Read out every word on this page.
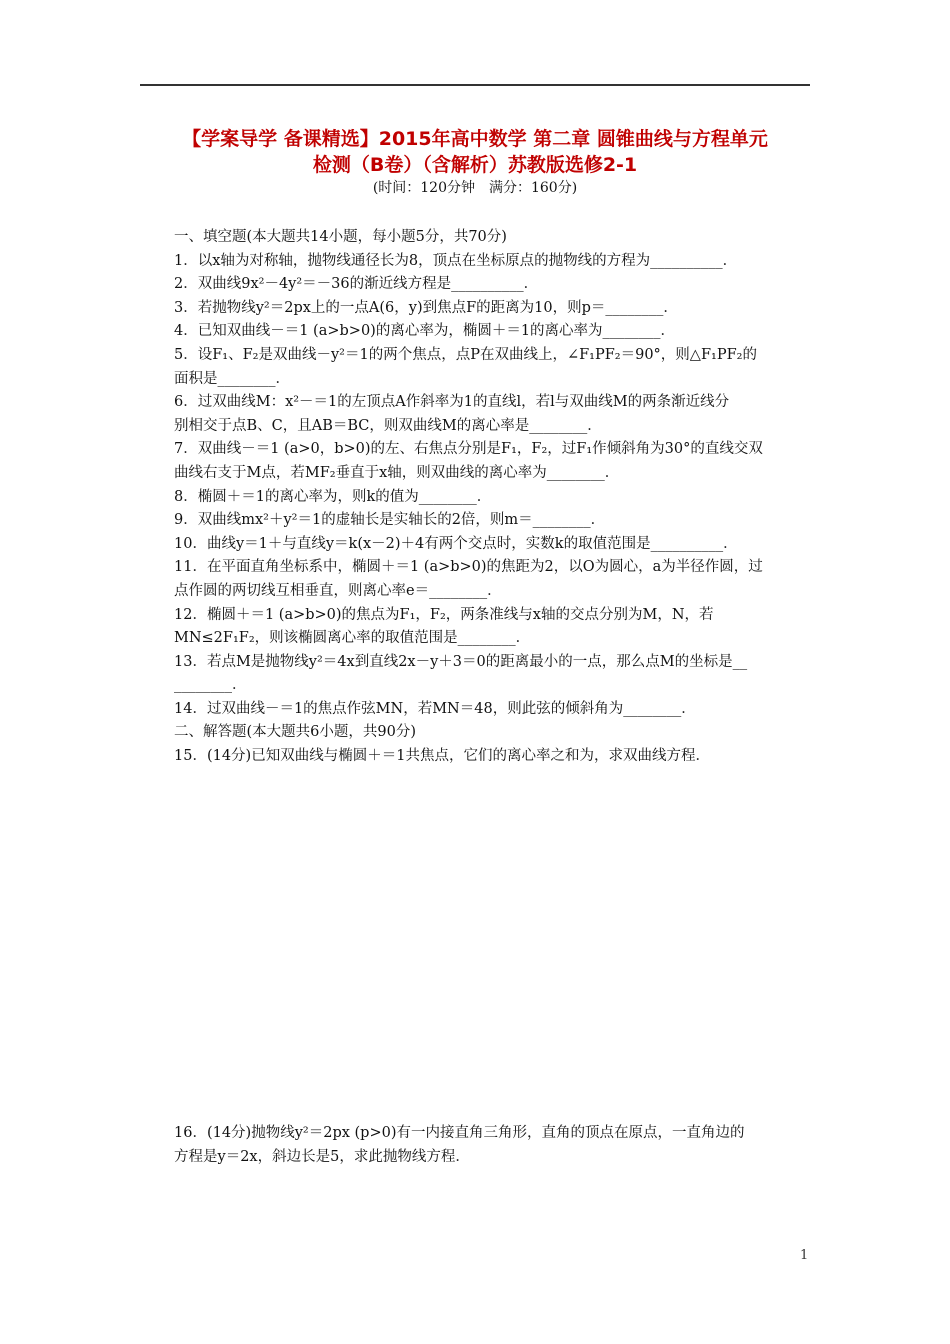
【学案导学 备课精选】2015年高中数学 第二章 圆锥曲线与方程单元
检测（B卷）（含解析）苏教版选修2-1
(时间：120分钟　满分：160分)

一、填空题(本大题共14小题，每小题5分，共70分)

1．以x轴为对称轴，抛物线通径长为8，顶点在坐标原点的抛物线的方程为__________．

2．双曲线9x²－4y²＝－36的渐近线方程是__________．

3．若抛物线y²＝2px上的一点A(6，y)到焦点F的距离为10，则p＝________．

4．已知双曲线－＝1 (a>b>0)的离心率为，椭圆＋＝1的离心率为________．

5．设F₁、F₂是双曲线－y²＝1的两个焦点，点P在双曲线上，∠F₁PF₂＝90°，则△F₁PF₂的

面积是________．

6．过双曲线M：x²－＝1的左顶点A作斜率为1的直线l，若l与双曲线M的两条渐近线分

别相交于点B、C，且AB＝BC，则双曲线M的离心率是________．

7．双曲线－＝1 (a>0，b>0)的左、右焦点分别是F₁，F₂，过F₁作倾斜角为30°的直线交双

曲线右支于M点，若MF₂垂直于x轴，则双曲线的离心率为________．

8．椭圆＋＝1的离心率为，则k的值为________．

9．双曲线mx²＋y²＝1的虚轴长是实轴长的2倍，则m＝________．

10．曲线y＝1＋与直线y＝k(x－2)＋4有两个交点时，实数k的取值范围是__________．

11．在平面直角坐标系中，椭圆＋＝1 (a>b>0)的焦距为2，以O为圆心，a为半径作圆，过

点作圆的两切线互相垂直，则离心率e＝________．

12．椭圆＋＝1 (a>b>0)的焦点为F₁，F₂，两条准线与x轴的交点分别为M，N，若

MN≤2F₁F₂，则该椭圆离心率的取值范围是________．

13．若点M是抛物线y²＝4x到直线2x－y＋3＝0的距离最小的一点，那么点M的坐标是__

________．

14．过双曲线－＝1的焦点作弦MN，若MN＝48，则此弦的倾斜角为________．

二、解答题(本大题共6小题，共90分)

15．(14分)已知双曲线与椭圆＋＝1共焦点，它们的离心率之和为，求双曲线方程．

16．(14分)抛物线y²＝2px (p>0)有一内接直角三角形，直角的顶点在原点，一直角边的

方程是y＝2x，斜边长是5，求此抛物线方程．

1
